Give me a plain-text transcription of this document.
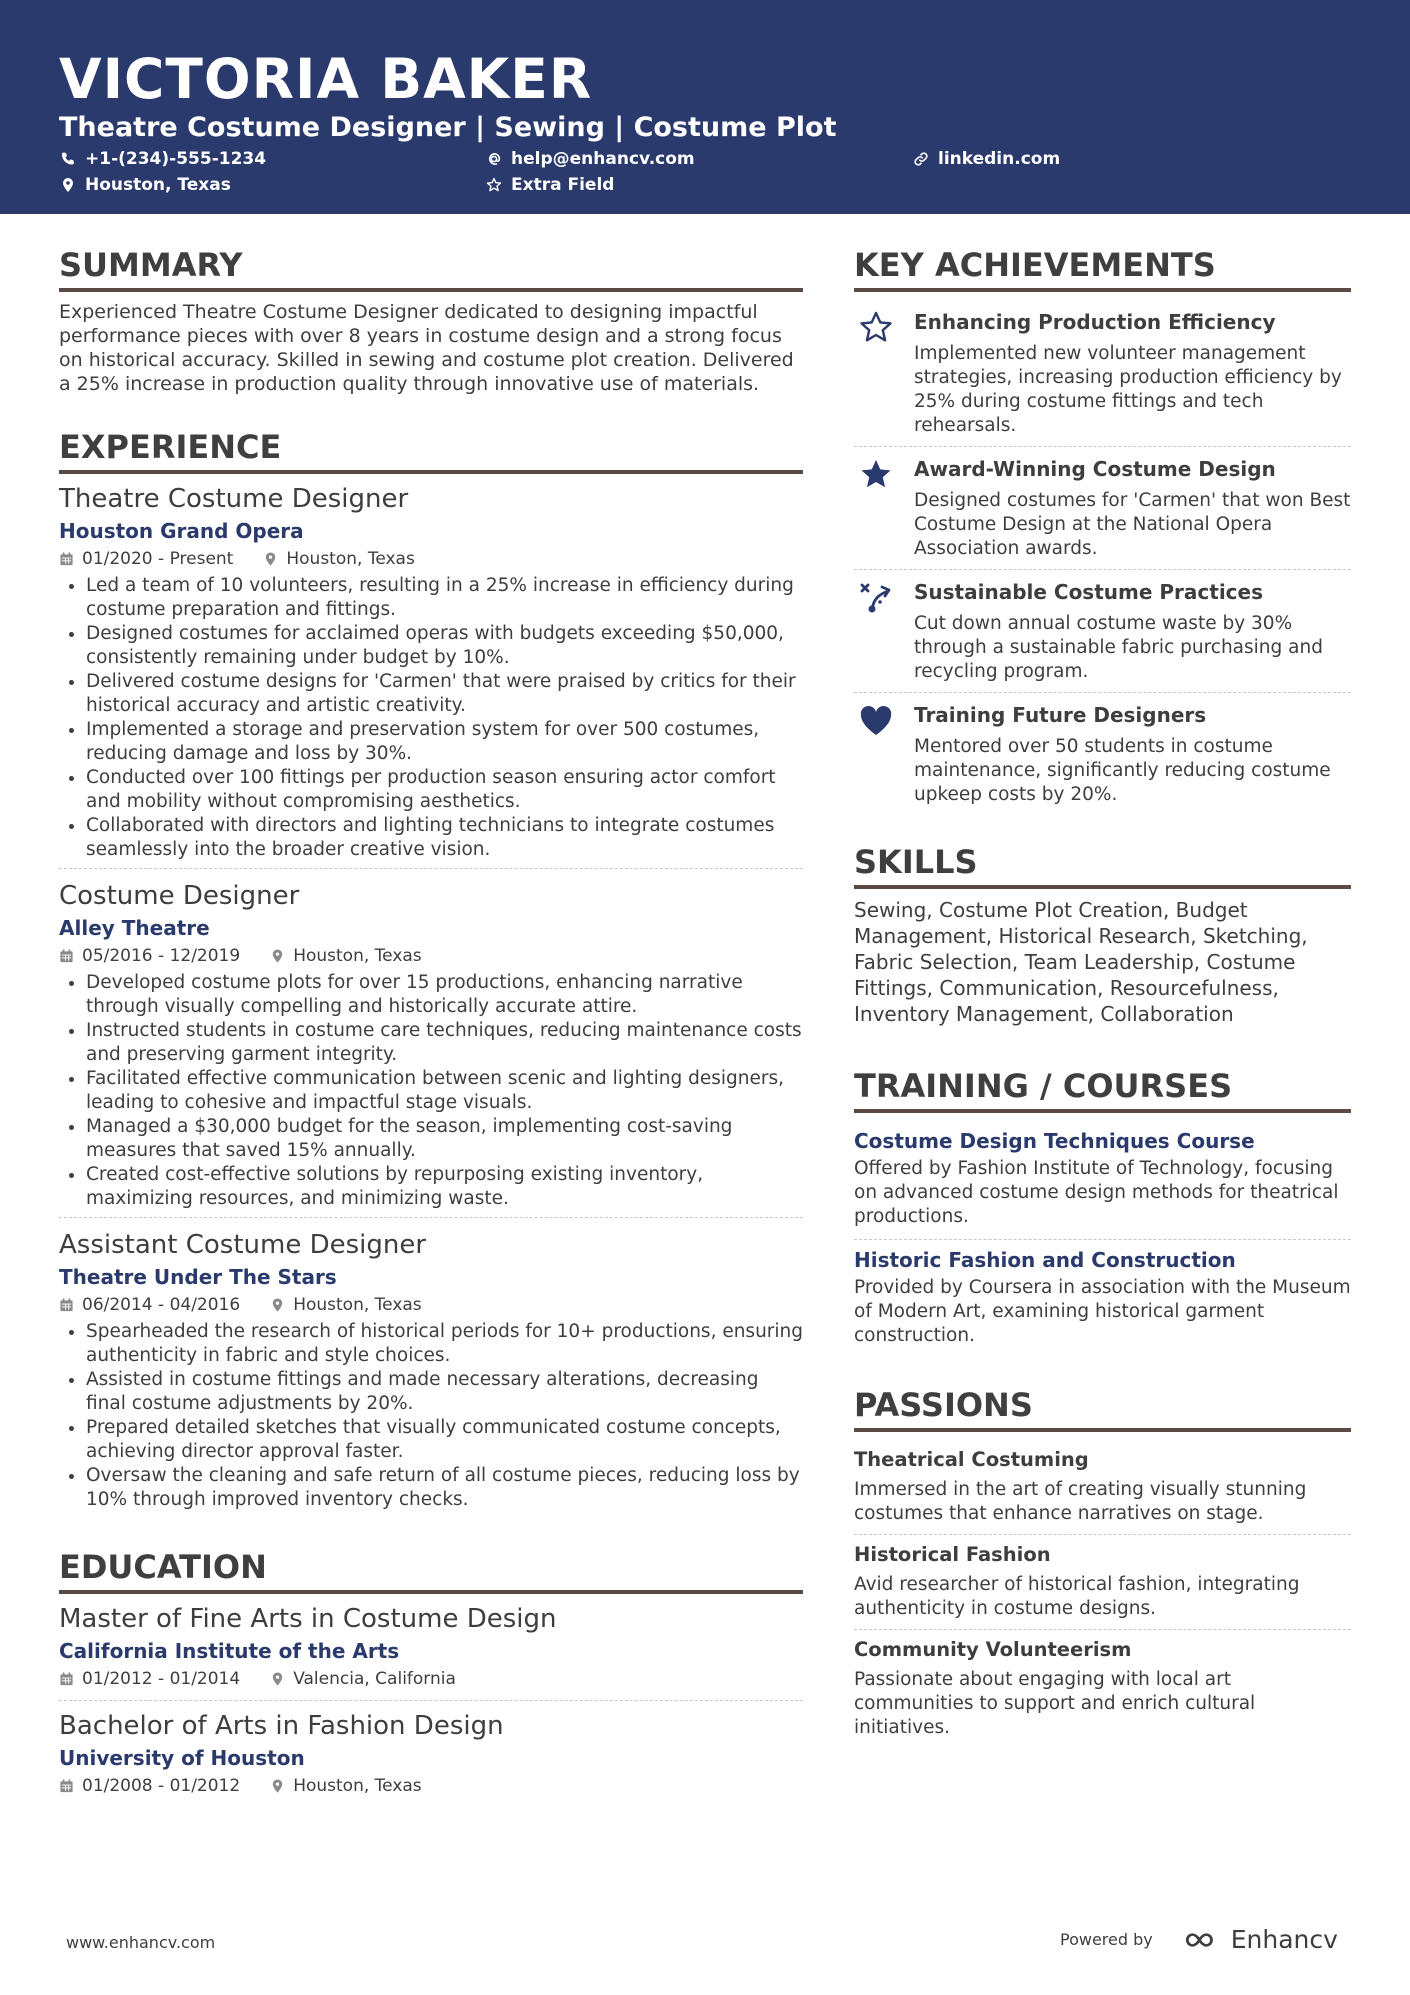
VICTORIA BAKER
Theatre Costume Designer | Sewing | Costume Plot
+1-(234)-555-1234	help@enhancv.com	linkedin.com
Houston, Texas	Extra Field
SUMMARY
Experienced Theatre Costume Designer dedicated to designing impactful performance pieces with over 8 years in costume design and a strong focus on historical accuracy. Skilled in sewing and costume plot creation. Delivered a 25% increase in production quality through innovative use of materials.
EXPERIENCE
Theatre Costume Designer
Houston Grand Opera
01/2020 - Present	Houston, Texas
Led a team of 10 volunteers, resulting in a 25% increase in efficiency during costume preparation and fittings.
Designed costumes for acclaimed operas with budgets exceeding $50,000, consistently remaining under budget by 10%.
Delivered costume designs for 'Carmen' that were praised by critics for their historical accuracy and artistic creativity.
Implemented a storage and preservation system for over 500 costumes, reducing damage and loss by 30%.
Conducted over 100 fittings per production season ensuring actor comfort and mobility without compromising aesthetics.
Collaborated with directors and lighting technicians to integrate costumes seamlessly into the broader creative vision.
Costume Designer
Alley Theatre
05/2016 - 12/2019	Houston, Texas
Developed costume plots for over 15 productions, enhancing narrative through visually compelling and historically accurate attire.
Instructed students in costume care techniques, reducing maintenance costs and preserving garment integrity.
Facilitated effective communication between scenic and lighting designers, leading to cohesive and impactful stage visuals.
Managed a $30,000 budget for the season, implementing cost-saving measures that saved 15% annually.
Created cost-effective solutions by repurposing existing inventory, maximizing resources, and minimizing waste.
Assistant Costume Designer
Theatre Under The Stars
06/2014 - 04/2016	Houston, Texas
Spearheaded the research of historical periods for 10+ productions, ensuring authenticity in fabric and style choices.
Assisted in costume fittings and made necessary alterations, decreasing final costume adjustments by 20%.
Prepared detailed sketches that visually communicated costume concepts, achieving director approval faster.
Oversaw the cleaning and safe return of all costume pieces, reducing loss by 10% through improved inventory checks.
EDUCATION
Master of Fine Arts in Costume Design
California Institute of the Arts
01/2012 - 01/2014	Valencia, California
Bachelor of Arts in Fashion Design
University of Houston
01/2008 - 01/2012	Houston, Texas
KEY ACHIEVEMENTS
Enhancing Production Efficiency
Implemented new volunteer management strategies, increasing production efficiency by 25% during costume fittings and tech rehearsals.
Award-Winning Costume Design
Designed costumes for 'Carmen' that won Best Costume Design at the National Opera Association awards.
Sustainable Costume Practices
Cut down annual costume waste by 30% through a sustainable fabric purchasing and recycling program.
Training Future Designers
Mentored over 50 students in costume maintenance, significantly reducing costume upkeep costs by 20%.
SKILLS
Sewing, Costume Plot Creation, Budget Management, Historical Research, Sketching, Fabric Selection, Team Leadership, Costume Fittings, Communication, Resourcefulness, Inventory Management, Collaboration
TRAINING / COURSES
Costume Design Techniques Course
Offered by Fashion Institute of Technology, focusing on advanced costume design methods for theatrical productions.
Historic Fashion and Construction
Provided by Coursera in association with the Museum of Modern Art, examining historical garment construction.
PASSIONS
Theatrical Costuming
Immersed in the art of creating visually stunning costumes that enhance narratives on stage.
Historical Fashion
Avid researcher of historical fashion, integrating authenticity in costume designs.
Community Volunteerism
Passionate about engaging with local art communities to support and enrich cultural initiatives.
www.enhancv.com	Powered by	Enhancv
